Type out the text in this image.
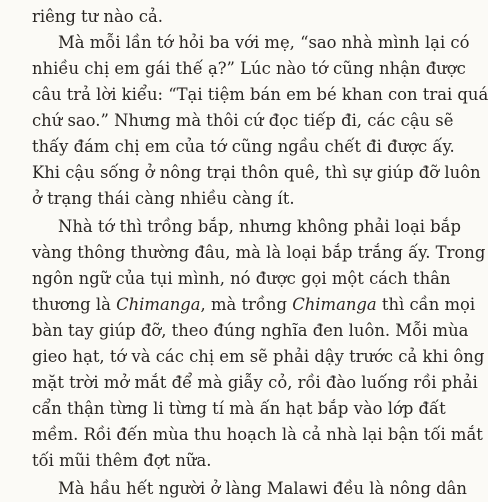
riêng tư nào cả.
Mà mỗi lần tớ hỏi ba với mẹ, “sao nhà mình lại có
nhiều chị em gái thế ạ?” Lúc nào tớ cũng nhận được
câu trả lời kiểu: “Tại tiệm bán em bé khan con trai quá
chứ sao.” Nhưng mà thôi cứ đọc tiếp đi, các cậu sẽ
thấy đám chị em của tớ cũng ngầu chết đi được ấy.
Khi cậu sống ở nông trại thôn quê, thì sự giúp đỡ luôn
ở trạng thái càng nhiều càng ít.
Nhà tớ thì trồng bắp, nhưng không phải loại bắp
vàng thông thường đâu, mà là loại bắp trắng ấy. Trong
ngôn ngữ của tụi mình, nó được gọi một cách thân
thương là Chimanga, mà trồng Chimanga thì cần mọi
bàn tay giúp đỡ, theo đúng nghĩa đen luôn. Mỗi mùa
gieo hạt, tớ và các chị em sẽ phải dậy trước cả khi ông
mặt trời mở mắt để mà giẫy cỏ, rồi đào luống rồi phải
cẩn thận từng li từng tí mà ấn hạt bắp vào lớp đất
mềm. Rồi đến mùa thu hoạch là cả nhà lại bận tối mắt
tối mũi thêm đợt nữa.
Mà hầu hết người ở làng Malawi đều là nông dân
